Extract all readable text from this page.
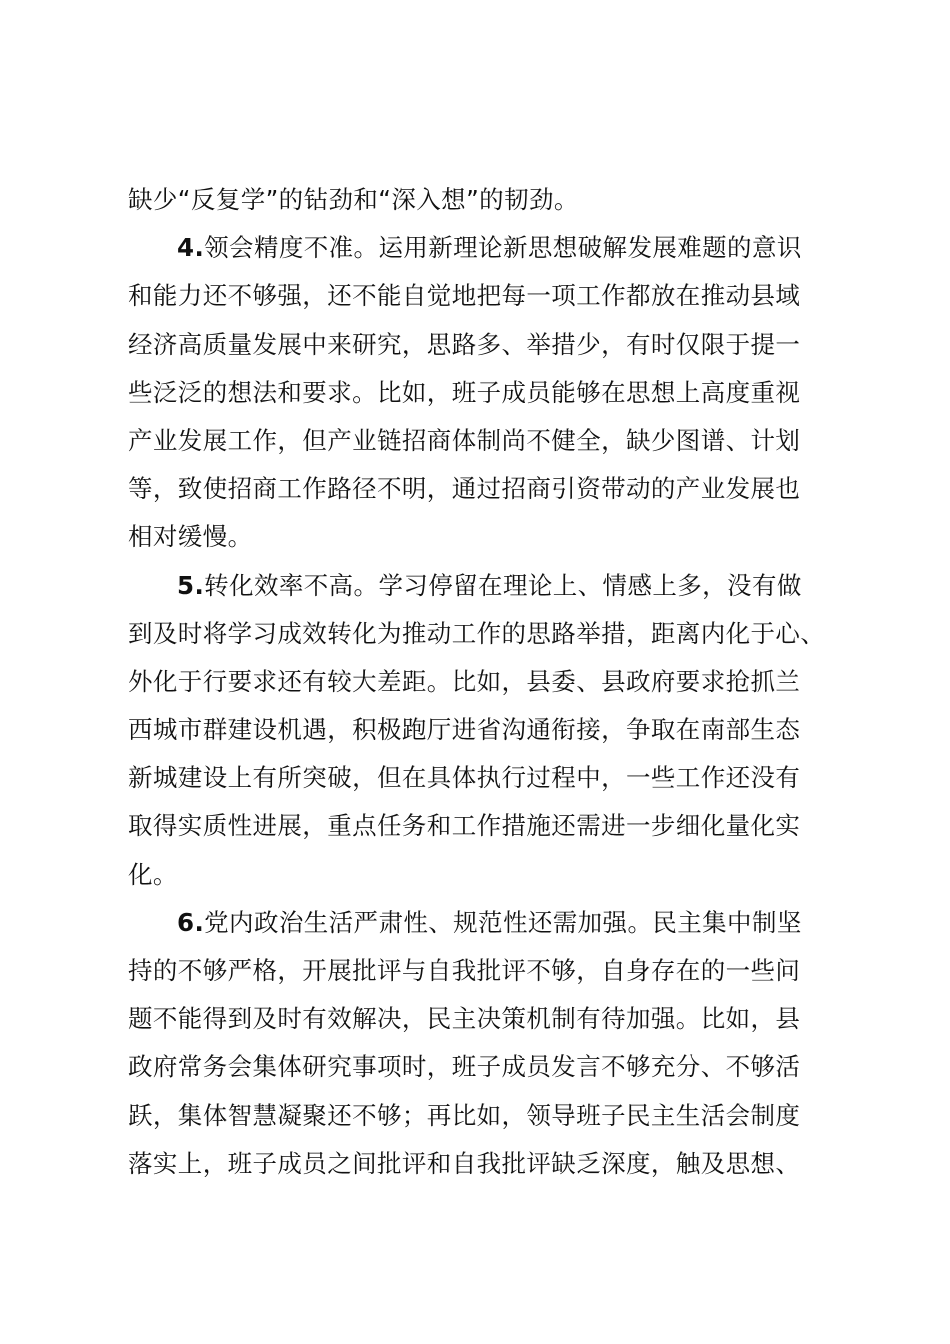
缺少“反复学”的钻劲和“深入想”的韧劲。
4.领会精度不准。运用新理论新思想破解发展难题的意识
和能力还不够强，还不能自觉地把每一项工作都放在推动县域
经济高质量发展中来研究，思路多、举措少，有时仅限于提一
些泛泛的想法和要求。比如，班子成员能够在思想上高度重视
产业发展工作，但产业链招商体制尚不健全，缺少图谱、计划
等，致使招商工作路径不明，通过招商引资带动的产业发展也
相对缓慢。
5.转化效率不高。学习停留在理论上、情感上多，没有做
到及时将学习成效转化为推动工作的思路举措，距离内化于心、
外化于行要求还有较大差距。比如，县委、县政府要求抢抓兰
西城市群建设机遇，积极跑厅进省沟通衔接，争取在南部生态
新城建设上有所突破，但在具体执行过程中，一些工作还没有
取得实质性进展，重点任务和工作措施还需进一步细化量化实
化。
6.党内政治生活严肃性、规范性还需加强。民主集中制坚
持的不够严格，开展批评与自我批评不够，自身存在的一些问
题不能得到及时有效解决，民主决策机制有待加强。比如，县
政府常务会集体研究事项时，班子成员发言不够充分、不够活
跃，集体智慧凝聚还不够；再比如，领导班子民主生活会制度
落实上，班子成员之间批评和自我批评缺乏深度，触及思想、
